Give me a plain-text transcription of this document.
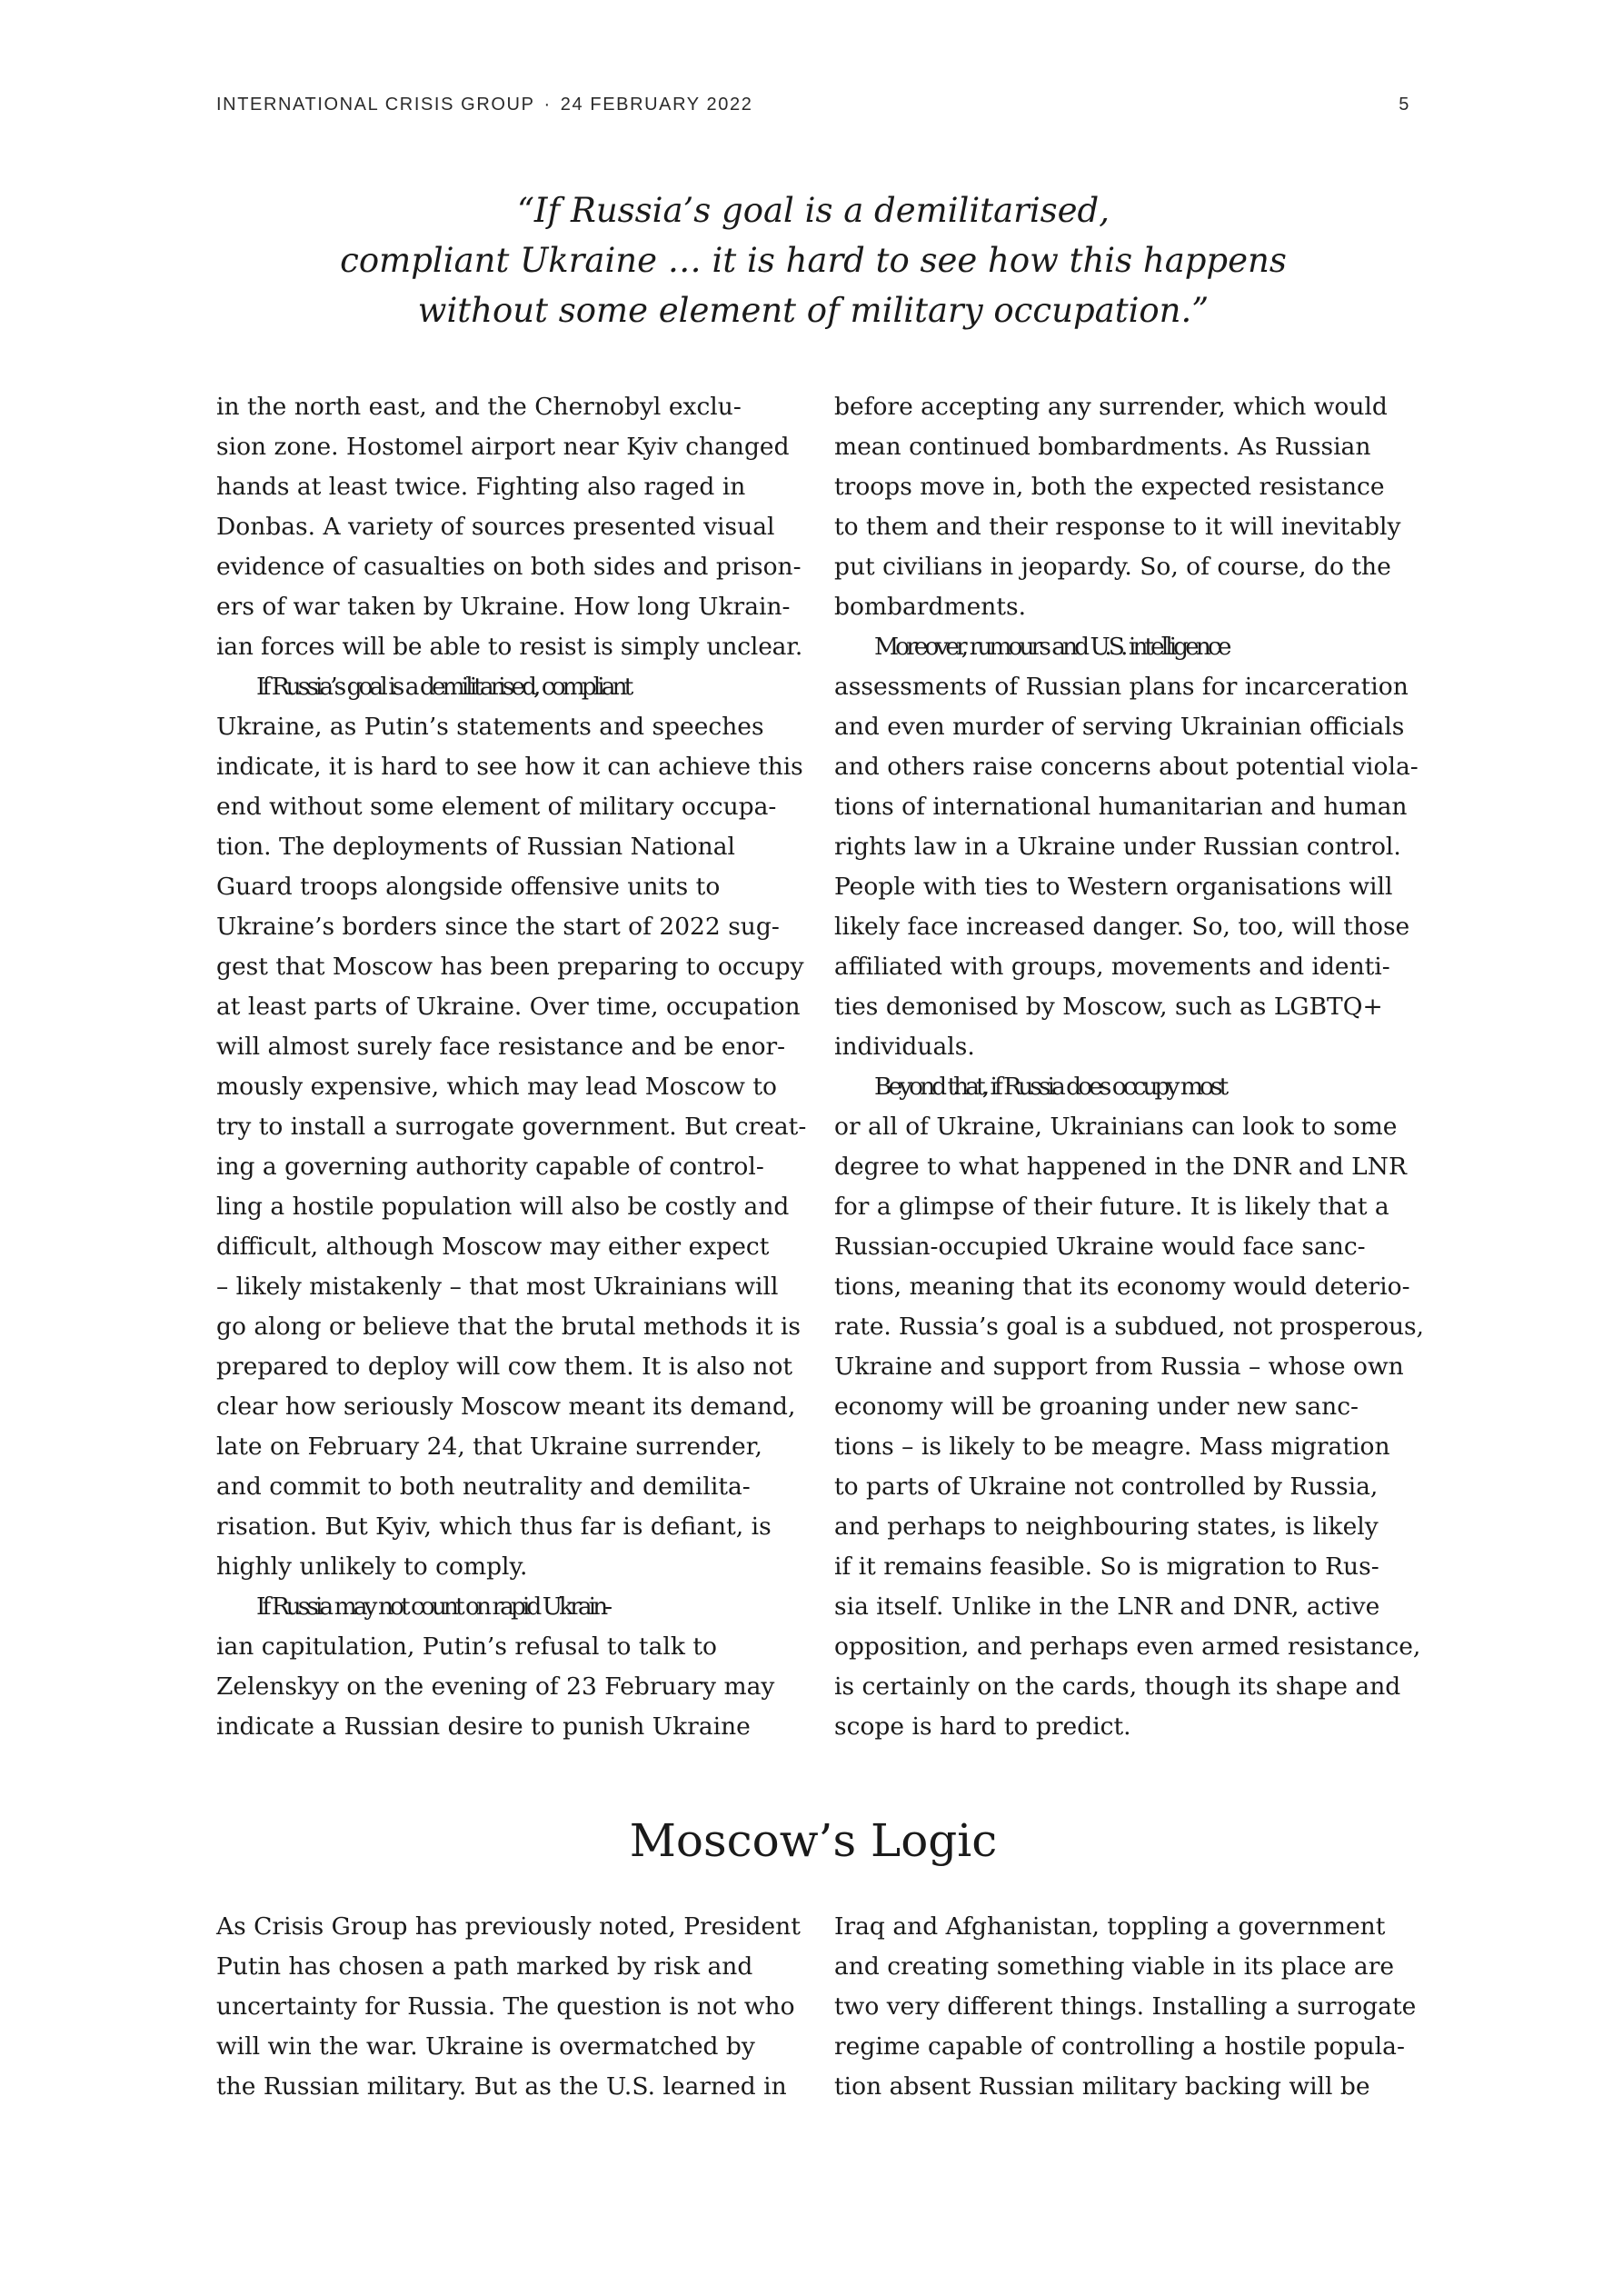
INTERNATIONAL CRISIS GROUP · 24 FEBRUARY 2022	5
“If Russia’s goal is a demilitarised,
compliant Ukraine … it is hard to see how this happens
without some element of military occupation.”
in the north east, and the Chernobyl exclu-
sion zone. Hostomel airport near Kyiv changed
hands at least twice. Fighting also raged in
Donbas. A variety of sources presented visual
evidence of casualties on both sides and prison-
ers of war taken by Ukraine. How long Ukrain-
ian forces will be able to resist is simply unclear.
If Russia’s goal is a demilitarised, compliant
Ukraine, as Putin’s statements and speeches
indicate, it is hard to see how it can achieve this
end without some element of military occupa-
tion. The deployments of Russian National
Guard troops alongside offensive units to
Ukraine’s borders since the start of 2022 sug-
gest that Moscow has been preparing to occupy
at least parts of Ukraine. Over time, occupation
will almost surely face resistance and be enor-
mously expensive, which may lead Moscow to
try to install a surrogate government. But creat-
ing a governing authority capable of control-
ling a hostile population will also be costly and
difficult, although Moscow may either expect
– likely mistakenly – that most Ukrainians will
go along or believe that the brutal methods it is
prepared to deploy will cow them. It is also not
clear how seriously Moscow meant its demand,
late on February 24, that Ukraine surrender,
and commit to both neutrality and demilita-
risation. But Kyiv, which thus far is defiant, is
highly unlikely to comply.
If Russia may not count on rapid Ukrain-
ian capitulation, Putin’s refusal to talk to
Zelenskyy on the evening of 23 February may
indicate a Russian desire to punish Ukraine
before accepting any surrender, which would
mean continued bombardments. As Russian
troops move in, both the expected resistance
to them and their response to it will inevitably
put civilians in jeopardy. So, of course, do the
bombardments.
Moreover, rumours and U.S. intelligence
assessments of Russian plans for incarceration
and even murder of serving Ukrainian officials
and others raise concerns about potential viola-
tions of international humanitarian and human
rights law in a Ukraine under Russian control.
People with ties to Western organisations will
likely face increased danger. So, too, will those
affiliated with groups, movements and identi-
ties demonised by Moscow, such as LGBTQ+
individuals.
Beyond that, if Russia does occupy most
or all of Ukraine, Ukrainians can look to some
degree to what happened in the DNR and LNR
for a glimpse of their future. It is likely that a
Russian-occupied Ukraine would face sanc-
tions, meaning that its economy would deterio-
rate. Russia’s goal is a subdued, not prosperous,
Ukraine and support from Russia – whose own
economy will be groaning under new sanc-
tions – is likely to be meagre. Mass migration
to parts of Ukraine not controlled by Russia,
and perhaps to neighbouring states, is likely
if it remains feasible. So is migration to Rus-
sia itself. Unlike in the LNR and DNR, active
opposition, and perhaps even armed resistance,
is certainly on the cards, though its shape and
scope is hard to predict.
Moscow’s Logic
As Crisis Group has previously noted, President
Putin has chosen a path marked by risk and
uncertainty for Russia. The question is not who
will win the war. Ukraine is overmatched by
the Russian military. But as the U.S. learned in
Iraq and Afghanistan, toppling a government
and creating something viable in its place are
two very different things. Installing a surrogate
regime capable of controlling a hostile popula-
tion absent Russian military backing will be
